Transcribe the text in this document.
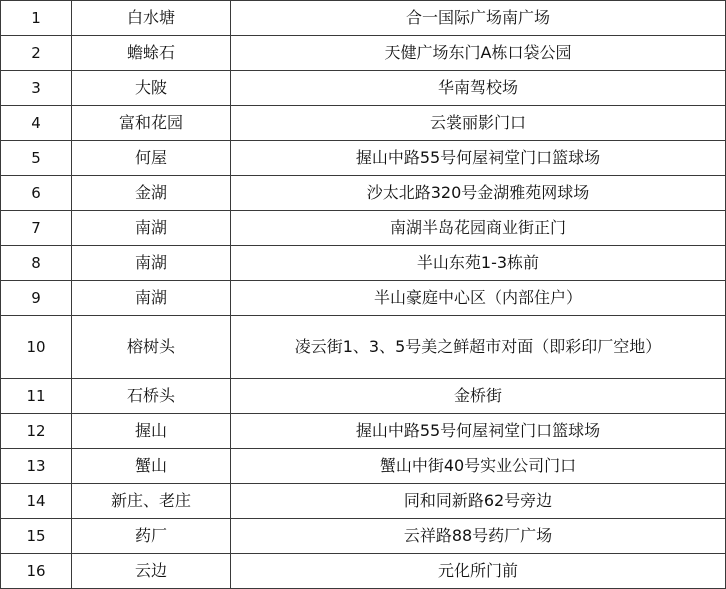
1	白水塘	合一国际广场南广场
2	蟾蜍石	天健广场东门A栋口袋公园
3	大陂	华南驾校场
4	富和花园	云裳丽影门口
5	何屋	握山中路55号何屋祠堂门口篮球场
6	金湖	沙太北路320号金湖雅苑网球场
7	南湖	南湖半岛花园商业街正门
8	南湖	半山东苑1-3栋前
9	南湖	半山豪庭中心区（内部住户）
10	榕树头	凌云街1、3、5号美之鲜超市对面（即彩印厂空地）
11	石桥头	金桥街
12	握山	握山中路55号何屋祠堂门口篮球场
13	蟹山	蟹山中街40号实业公司门口
14	新庄、老庄	同和同新路62号旁边
15	药厂	云祥路88号药厂广场
16	云边	元化所门前
